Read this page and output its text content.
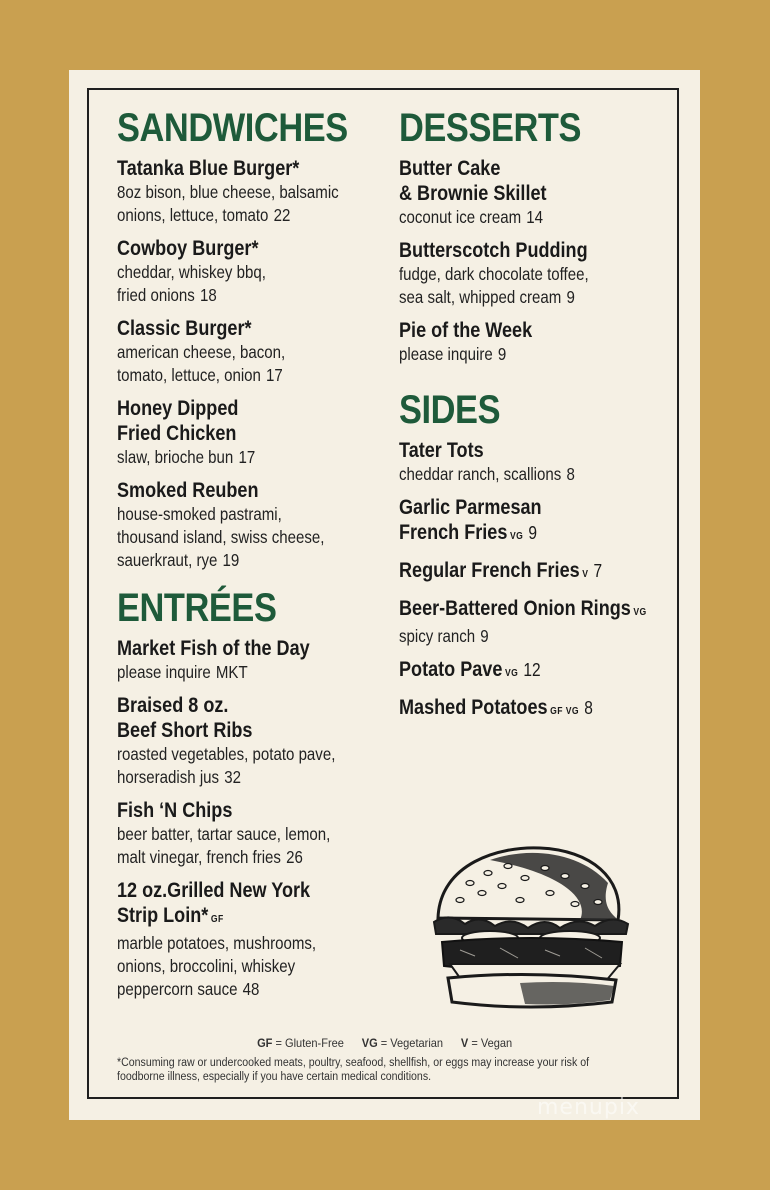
SANDWICHES
Tatanka Blue Burger*
8oz bison, blue cheese, balsamic
onions, lettuce, tomato 22
Cowboy Burger*
cheddar, whiskey bbq,
fried onions 18
Classic Burger*
american cheese, bacon,
tomato, lettuce, onion 17
Honey Dipped
Fried Chicken
slaw, brioche bun 17
Smoked Reuben
house-smoked pastrami,
thousand island, swiss cheese,
sauerkraut, rye 19
ENTRÉES
Market Fish of the Day
please inquire MKT
Braised 8 oz.
Beef Short Ribs
roasted vegetables, potato pave,
horseradish jus 32
Fish ‘N Chips
beer batter, tartar sauce, lemon,
malt vinegar, french fries 26
12 oz.Grilled New York
Strip Loin* GF
marble potatoes, mushrooms,
onions, broccolini, whiskey
peppercorn sauce 48
DESSERTS
Butter Cake
& Brownie Skillet
coconut ice cream 14
Butterscotch Pudding
fudge, dark chocolate toffee,
sea salt, whipped cream 9
Pie of the Week
please inquire 9
SIDES
Tater Tots
cheddar ranch, scallions 8
Garlic Parmesan
French Fries VG 9
Regular French Fries V 7
Beer-Battered Onion Rings VG
spicy ranch 9
Potato Pave VG 12
Mashed Potatoes GF VG 8
GF = Gluten-Free VG = Vegetarian V = Vegan
*Consuming raw or undercooked meats, poultry, seafood, shellfish, or eggs may increase your risk of foodborne illness, especially if you have certain medical conditions.
menupix
